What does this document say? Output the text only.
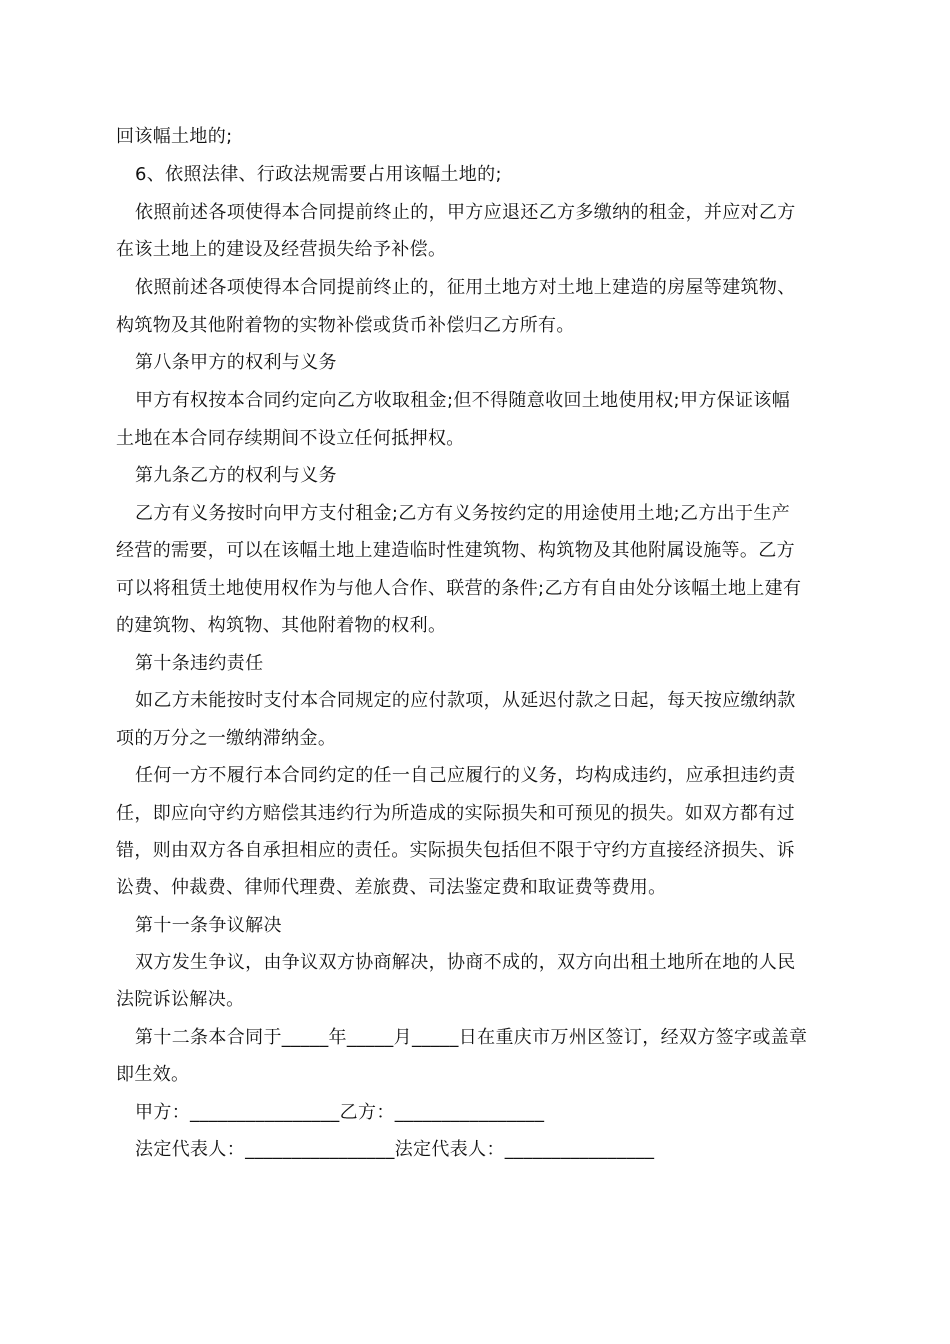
回该幅土地的;
6、依照法律、行政法规需要占用该幅土地的;
依照前述各项使得本合同提前终止的，甲方应退还乙方多缴纳的租金，并应对乙方
在该土地上的建设及经营损失给予补偿。
依照前述各项使得本合同提前终止的，征用土地方对土地上建造的房屋等建筑物、
构筑物及其他附着物的实物补偿或货币补偿归乙方所有。
第八条甲方的权利与义务
甲方有权按本合同约定向乙方收取租金;但不得随意收回土地使用权;甲方保证该幅
土地在本合同存续期间不设立任何抵押权。
第九条乙方的权利与义务
乙方有义务按时向甲方支付租金;乙方有义务按约定的用途使用土地;乙方出于生产
经营的需要，可以在该幅土地上建造临时性建筑物、构筑物及其他附属设施等。乙方
可以将租赁土地使用权作为与他人合作、联营的条件;乙方有自由处分该幅土地上建有
的建筑物、构筑物、其他附着物的权利。
第十条违约责任
如乙方未能按时支付本合同规定的应付款项，从延迟付款之日起，每天按应缴纳款
项的万分之一缴纳滞纳金。
任何一方不履行本合同约定的任一自己应履行的义务，均构成违约，应承担违约责
任，即应向守约方赔偿其违约行为所造成的实际损失和可预见的损失。如双方都有过
错，则由双方各自承担相应的责任。实际损失包括但不限于守约方直接经济损失、诉
讼费、仲裁费、律师代理费、差旅费、司法鉴定费和取证费等费用。
第十一条争议解决
双方发生争议，由争议双方协商解决，协商不成的，双方向出租土地所在地的人民
法院诉讼解决。
第十二条本合同于_____年_____月_____日在重庆市万州区签订，经双方签字或盖章
即生效。
甲方：________________乙方：________________
法定代表人：________________法定代表人：________________
